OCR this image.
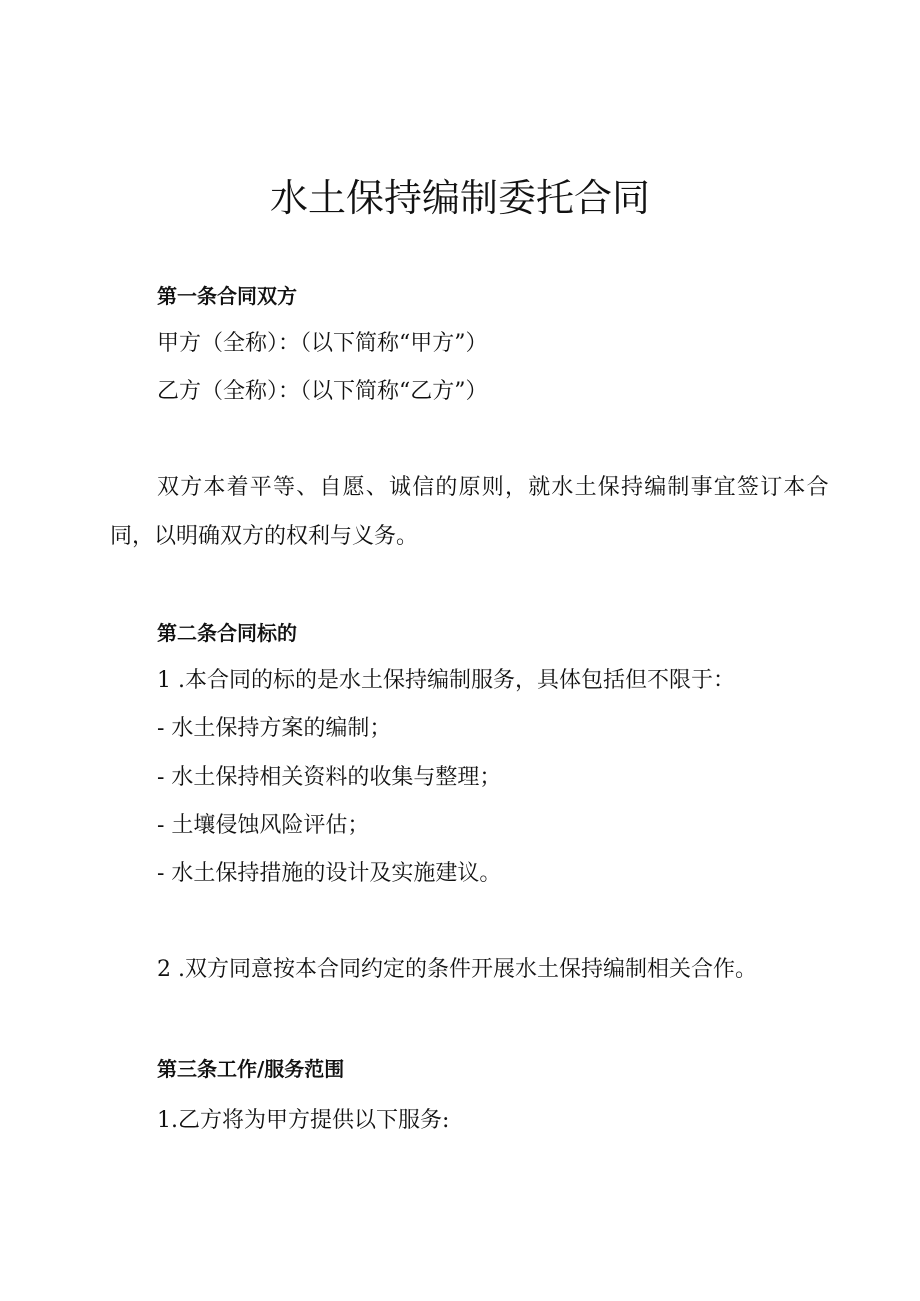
水土保持编制委托合同

第一条合同双方

甲方（全称）：（以下简称“甲方”）

乙方（全称）：（以下简称“乙方”）

双方本着平等、自愿、诚信的原则，就水土保持编制事宜签订本合

同，以明确双方的权利与义务。

第二条合同标的

1 .本合同的标的是水土保持编制服务，具体包括但不限于：

- 水土保持方案的编制；

- 水土保持相关资料的收集与整理；

- 土壤侵蚀风险评估；

- 水土保持措施的设计及实施建议。

2 .双方同意按本合同约定的条件开展水土保持编制相关合作。

第三条工作/服务范围

1.乙方将为甲方提供以下服务:
